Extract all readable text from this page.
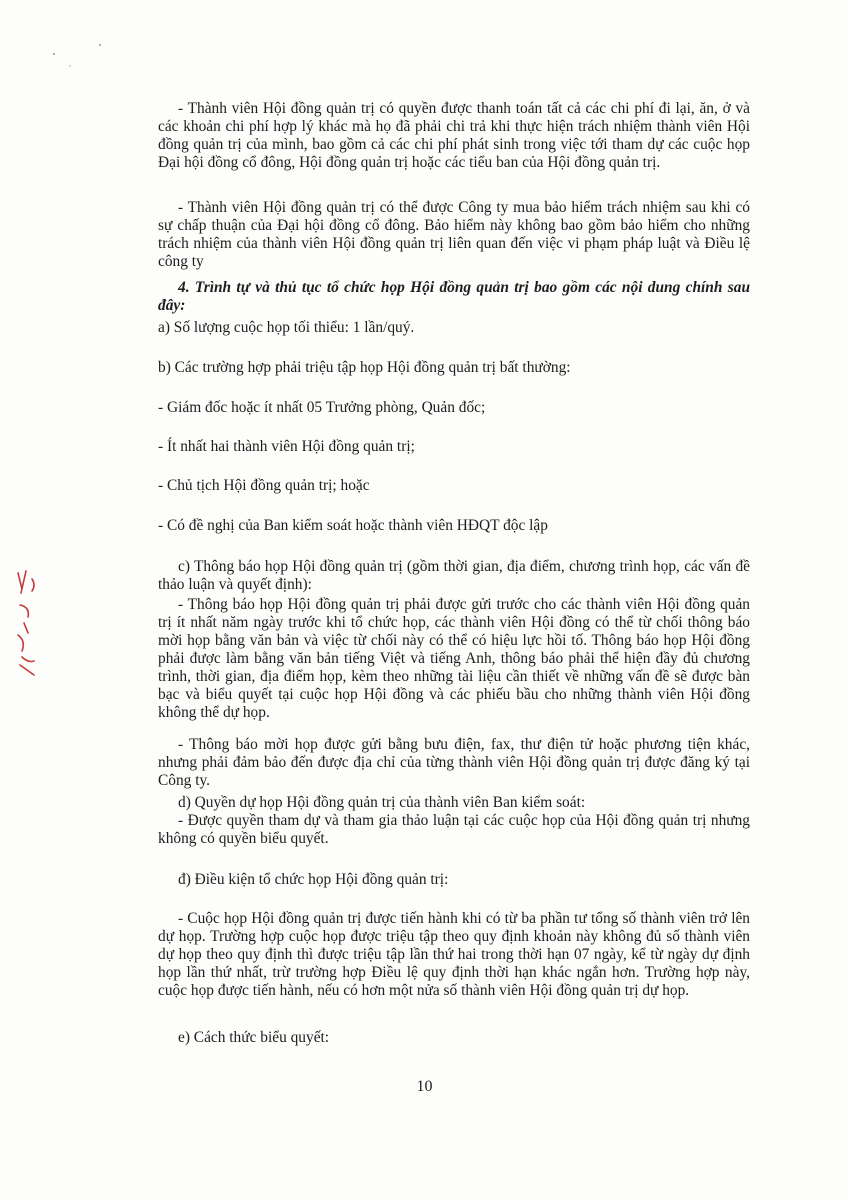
- Thành viên Hội đồng quản trị có quyền được thanh toán tất cả các chi phí đi lại, ăn, ở và các khoản chi phí hợp lý khác mà họ đã phải chi trả khi thực hiện trách nhiệm thành viên Hội đồng quản trị của mình, bao gồm cả các chi phí phát sinh trong việc tới tham dự các cuộc họp Đại hội đồng cổ đông, Hội đồng quản trị hoặc các tiểu ban của Hội đồng quản trị.

- Thành viên Hội đồng quản trị có thể được Công ty mua bảo hiểm trách nhiệm sau khi có sự chấp thuận của Đại hội đồng cổ đông. Bảo hiểm này không bao gồm bảo hiểm cho những trách nhiệm của thành viên Hội đồng quản trị liên quan đến việc vi phạm pháp luật và Điều lệ công ty

4. Trình tự và thủ tục tổ chức họp Hội đồng quản trị bao gồm các nội dung chính sau đây:

a) Số lượng cuộc họp tối thiểu: 1 lần/quý.

b) Các trường hợp phải triệu tập họp Hội đồng quản trị bất thường:

- Giám đốc hoặc ít nhất 05 Trưởng phòng, Quản đốc;

- Ít nhất hai thành viên Hội đồng quản trị;

- Chủ tịch Hội đồng quản trị; hoặc

- Có đề nghị của Ban kiểm soát hoặc thành viên HĐQT độc lập

c) Thông báo họp Hội đồng quản trị (gồm thời gian, địa điểm, chương trình họp, các vấn đề thảo luận và quyết định):

- Thông báo họp Hội đồng quản trị phải được gửi trước cho các thành viên Hội đồng quản trị ít nhất năm ngày trước khi tổ chức họp, các thành viên Hội đồng có thể từ chối thông báo mời họp bằng văn bản và việc từ chối này có thể có hiệu lực hồi tố. Thông báo họp Hội đồng phải được làm bằng văn bản tiếng Việt và tiếng Anh, thông báo phải thể hiện đầy đủ chương trình, thời gian, địa điểm họp, kèm theo những tài liệu cần thiết về những vấn đề sẽ được bàn bạc và biểu quyết tại cuộc họp Hội đồng và các phiếu bầu cho những thành viên Hội đồng không thể dự họp.

- Thông báo mời họp được gửi bằng bưu điện, fax, thư điện tử hoặc phương tiện khác, nhưng phải đảm bảo đến được địa chỉ của từng thành viên Hội đồng quản trị được đăng ký tại Công ty.

d) Quyền dự họp Hội đồng quản trị của thành viên Ban kiểm soát:

- Được quyền tham dự và tham gia thảo luận tại các cuộc họp của Hội đồng quản trị nhưng không có quyền biểu quyết.

đ) Điều kiện tổ chức họp Hội đồng quản trị:

- Cuộc họp Hội đồng quản trị được tiến hành khi có từ ba phần tư tổng số thành viên trở lên dự họp. Trường hợp cuộc họp được triệu tập theo quy định khoản này không đủ số thành viên dự họp theo quy định thì được triệu tập lần thứ hai trong thời hạn 07 ngày, kể từ ngày dự định họp lần thứ nhất, trừ trường hợp Điều lệ quy định thời hạn khác ngắn hơn. Trường hợp này, cuộc họp được tiến hành, nếu có hơn một nửa số thành viên Hội đồng quản trị dự họp.

e) Cách thức biểu quyết:

10
